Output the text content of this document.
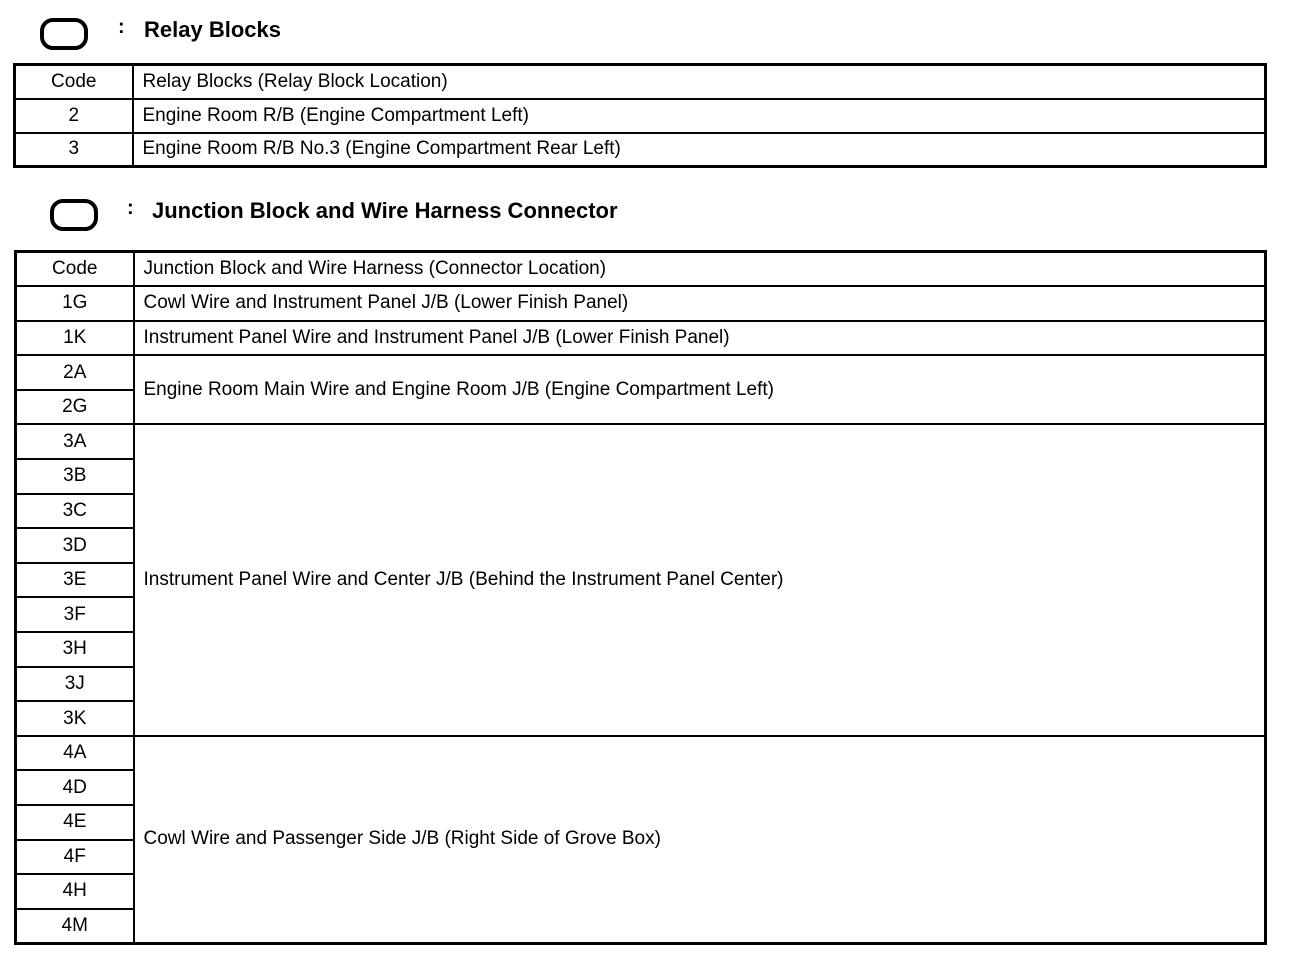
: Relay Blocks
Code	Relay Blocks (Relay Block Location)
2	Engine Room R/B (Engine Compartment Left)
3	Engine Room R/B No.3 (Engine Compartment Rear Left)
: Junction Block and Wire Harness Connector
Code	Junction Block and Wire Harness (Connector Location)
1G	Cowl Wire and Instrument Panel J/B (Lower Finish Panel)
1K	Instrument Panel Wire and Instrument Panel J/B (Lower Finish Panel)
2A	Engine Room Main Wire and Engine Room J/B (Engine Compartment Left)
2G	
3A	Instrument Panel Wire and Center J/B (Behind the Instrument Panel Center)
3B	
3C	
3D	
3E	
3F	
3H	
3J	
3K	
4A	Cowl Wire and Passenger Side J/B (Right Side of Grove Box)
4D	
4E	
4F	
4H	
4M	
